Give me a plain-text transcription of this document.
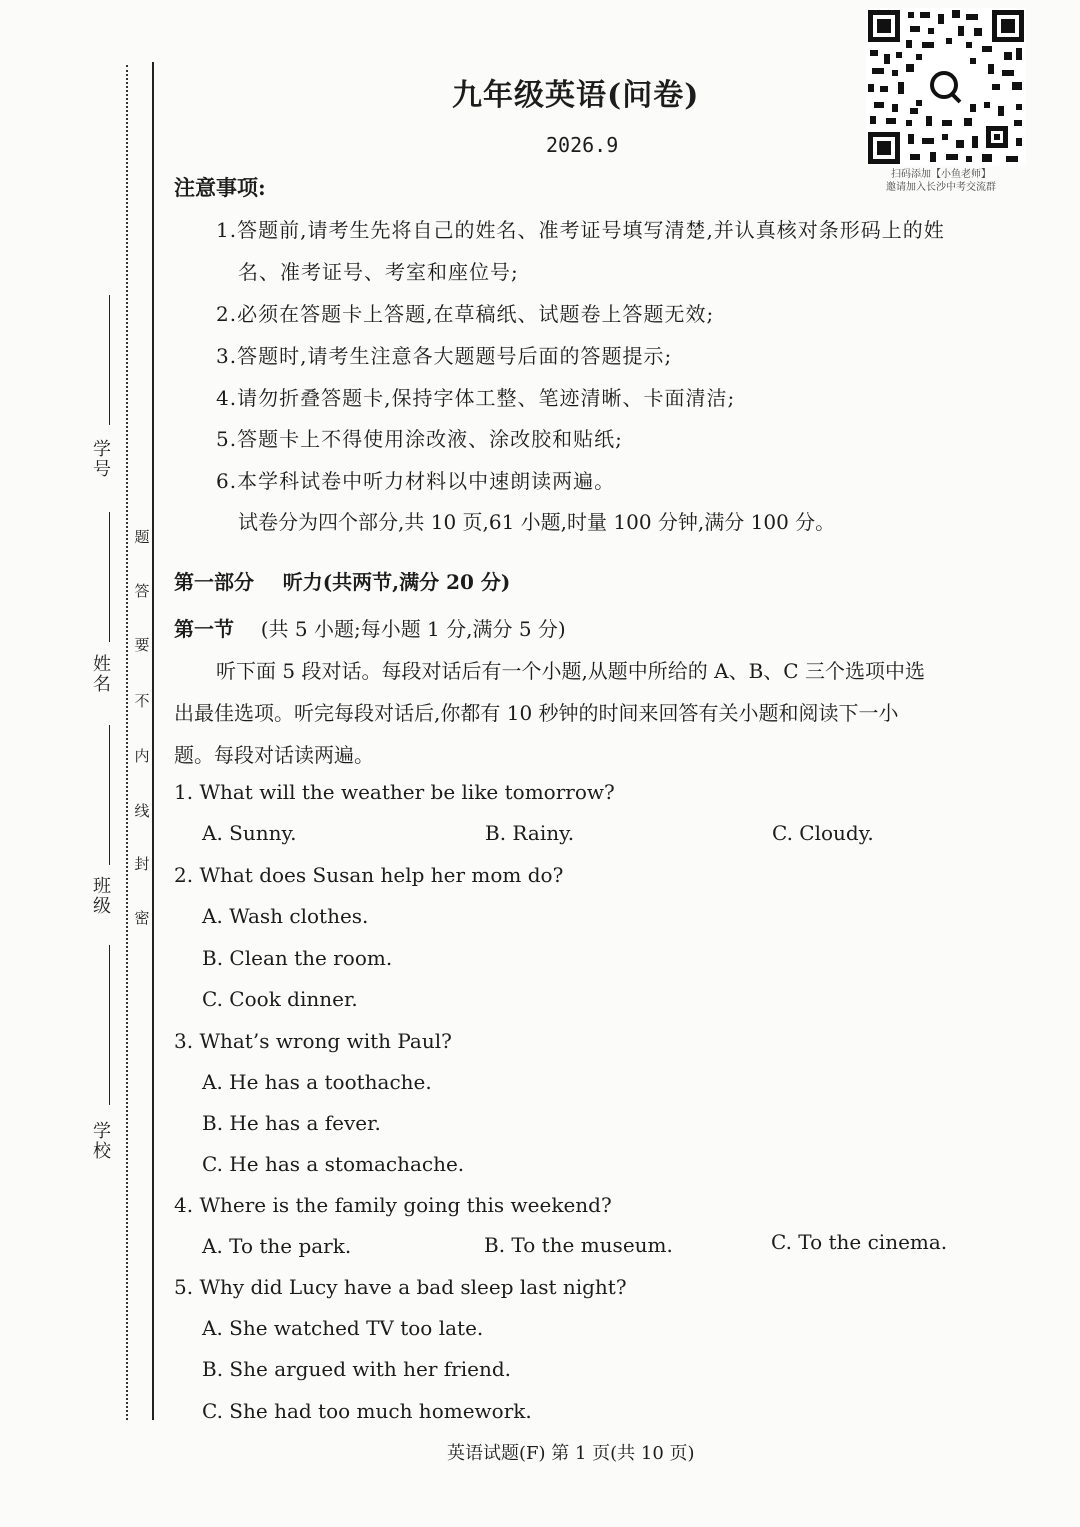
学 号
姓 名
班 级
学 校
题
答
要
不
内
线
封
密
九年级英语(问卷)
2026.9
扫码添加【小鱼老师】
邀请加入长沙中考交流群
注意事项:
1.答题前,请考生先将自己的姓名、准考证号填写清楚,并认真核对条形码上的姓
名、准考证号、考室和座位号;
2.必须在答题卡上答题,在草稿纸、试题卷上答题无效;
3.答题时,请考生注意各大题题号后面的答题提示;
4.请勿折叠答题卡,保持字体工整、笔迹清晰、卡面清洁;
5.答题卡上不得使用涂改液、涂改胶和贴纸;
6.本学科试卷中听力材料以中速朗读两遍。
试卷分为四个部分,共 10 页,61 小题,时量 100 分钟,满分 100 分。
第一部分 听力(共两节,满分 20 分)
第一节 (共 5 小题;每小题 1 分,满分 5 分)
听下面 5 段对话。每段对话后有一个小题,从题中所给的 A、B、C 三个选项中选
出最佳选项。听完每段对话后,你都有 10 秒钟的时间来回答有关小题和阅读下一小
题。每段对话读两遍。
1. What will the weather be like tomorrow?
A. Sunny.	B. Rainy.	C. Cloudy.
2. What does Susan help her mom do?
A. Wash clothes.
B. Clean the room.
C. Cook dinner.
3. What’s wrong with Paul?
A. He has a toothache.
B. He has a fever.
C. He has a stomachache.
4. Where is the family going this weekend?
A. To the park.	B. To the museum.	C. To the cinema.
5. Why did Lucy have a bad sleep last night?
A. She watched TV too late.
B. She argued with her friend.
C. She had too much homework.
英语试题(F) 第 1 页(共 10 页)
